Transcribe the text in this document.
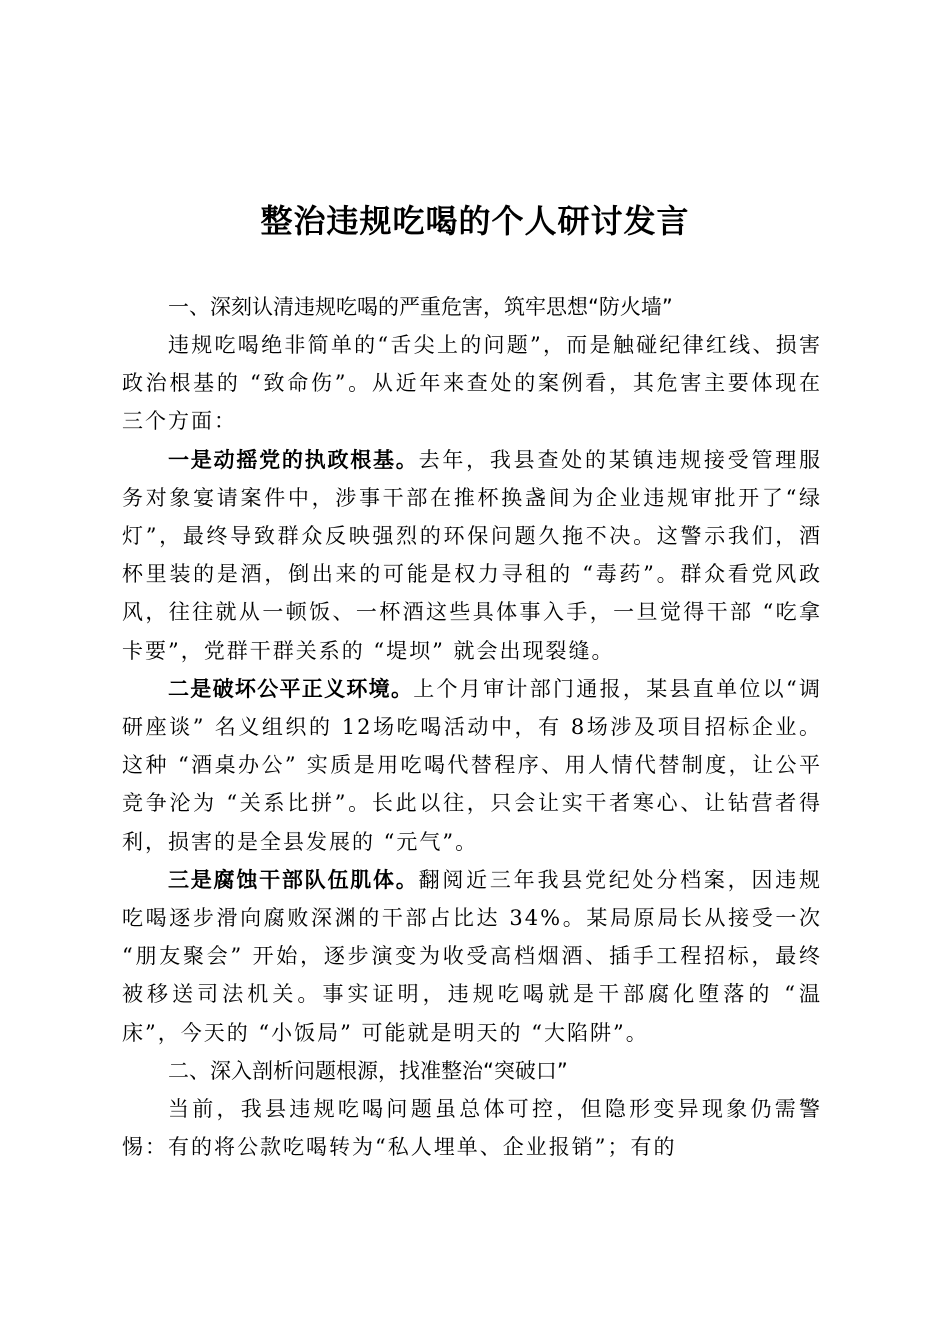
整治违规吃喝的个人研讨发言

一、深刻认清违规吃喝的严重危害，筑牢思想“防火墙”

违规吃喝绝非简单的“舌尖上的问题”，而是触碰纪律红线、损害政治根基的 “致命伤”。从近年来查处的案例看，其危害主要体现在三个方面：

一是动摇党的执政根基。去年，我县查处的某镇违规接受管理服务对象宴请案件中，涉事干部在推杯换盏间为企业违规审批开了“绿灯”，最终导致群众反映强烈的环保问题久拖不决。这警示我们，酒杯里装的是酒，倒出来的可能是权力寻租的 “毒药”。群众看党风政风，往往就从一顿饭、一杯酒这些具体事入手，一旦觉得干部 “吃拿卡要”，党群干群关系的 “堤坝” 就会出现裂缝。

二是破坏公平正义环境。上个月审计部门通报，某县直单位以“调研座谈” 名义组织的 12场吃喝活动中，有 8场涉及项目招标企业。这种 “酒桌办公” 实质是用吃喝代替程序、用人情代替制度，让公平竞争沦为 “关系比拼”。长此以往，只会让实干者寒心、让钻营者得利，损害的是全县发展的 “元气”。

三是腐蚀干部队伍肌体。翻阅近三年我县党纪处分档案，因违规吃喝逐步滑向腐败深渊的干部占比达 34%。某局原局长从接受一次 “朋友聚会” 开始，逐步演变为收受高档烟酒、插手工程招标，最终被移送司法机关。事实证明，违规吃喝就是干部腐化堕落的 “温床”，今天的 “小饭局” 可能就是明天的 “大陷阱”。

二、深入剖析问题根源，找准整治“突破口”

当前，我县违规吃喝问题虽总体可控，但隐形变异现象仍需警惕：有的将公款吃喝转为“私人埋单、企业报销”；有的
